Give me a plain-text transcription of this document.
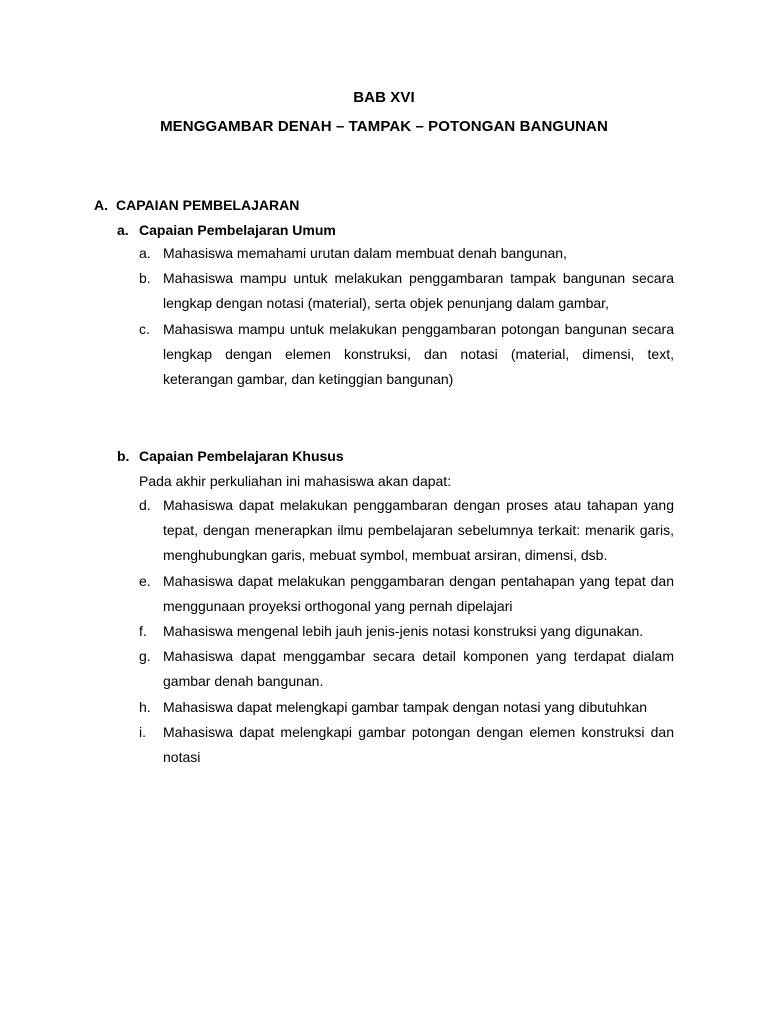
BAB XVI
MENGGAMBAR DENAH – TAMPAK – POTONGAN BANGUNAN
A. CAPAIAN PEMBELAJARAN
a. Capaian Pembelajaran Umum
a. Mahasiswa memahami urutan dalam membuat denah bangunan,
b. Mahasiswa mampu untuk melakukan penggambaran tampak bangunan secara lengkap dengan notasi (material), serta objek penunjang dalam gambar,
c. Mahasiswa mampu untuk melakukan penggambaran potongan bangunan secara lengkap dengan elemen konstruksi, dan notasi (material, dimensi, text, keterangan gambar, dan ketinggian bangunan)
b. Capaian Pembelajaran Khusus

Pada akhir perkuliahan ini mahasiswa akan dapat:

d. Mahasiswa dapat melakukan penggambaran dengan proses atau tahapan yang tepat, dengan menerapkan ilmu pembelajaran sebelumnya terkait: menarik garis, menghubungkan garis, mebuat symbol, membuat arsiran, dimensi, dsb.
e. Mahasiswa dapat melakukan penggambaran dengan pentahapan yang tepat dan menggunaan proyeksi orthogonal yang pernah dipelajari
f.	Mahasiswa mengenal lebih jauh jenis-jenis notasi konstruksi yang digunakan.
g. Mahasiswa dapat menggambar secara detail komponen yang terdapat dialam gambar denah bangunan.
h. Mahasiswa dapat melengkapi gambar tampak dengan notasi yang dibutuhkan
i.	Mahasiswa dapat melengkapi gambar potongan dengan elemen konstruksi dan notasi
